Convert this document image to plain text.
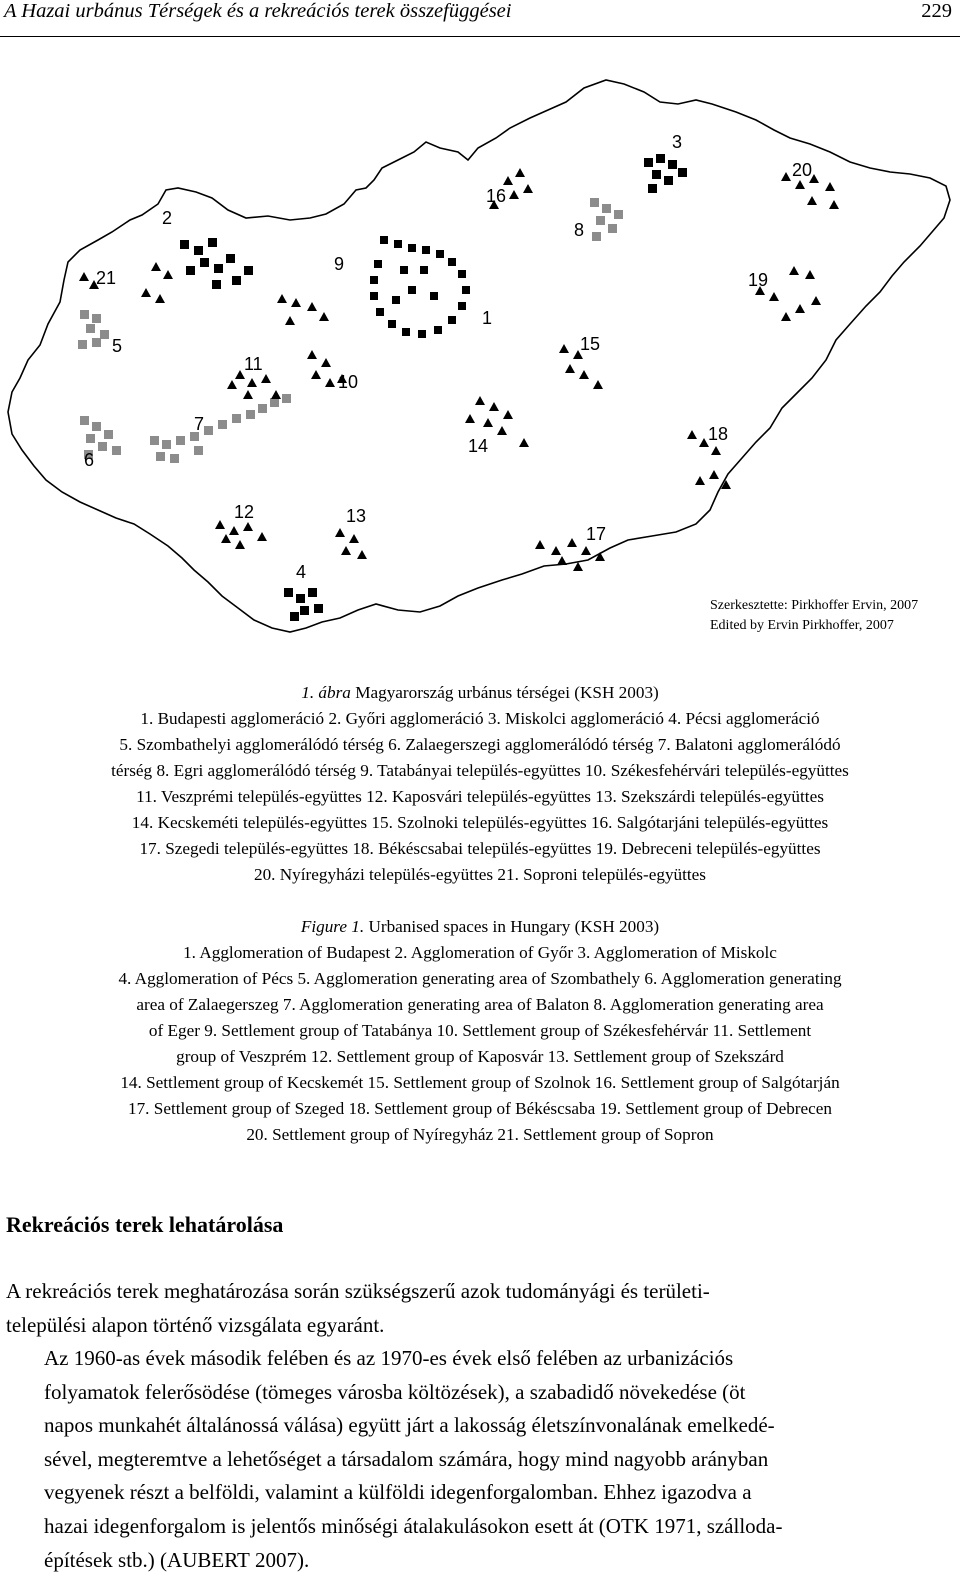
A Hazai urbánus Térségek és a rekreációs terek összefüggései	229
1
2
3
4
5
6
7
8
9
10
11
12	13
14
15
16
17
18
19
20
21
Szerkesztette: Pirkhoffer Ervin, 2007
Edited by Ervin Pirkhoffer, 2007
1. ábra Magyarország urbánus térségei (KSH 2003)
1. Budapesti agglomeráció 2. Győri agglomeráció 3. Miskolci agglomeráció 4. Pécsi agglomeráció
5. Szombathelyi agglomerálódó térség 6. Zalaegerszegi agglomerálódó térség 7. Balatoni agglomerálódó
térség 8. Egri agglomerálódó térség 9. Tatabányai település-együttes 10. Székesfehérvári település-együttes
11. Veszprémi település-együttes 12. Kaposvári település-együttes 13. Szekszárdi település-együttes
14. Kecskeméti település-együttes 15. Szolnoki település-együttes 16. Salgótarjáni település-együttes
17. Szegedi település-együttes 18. Békéscsabai település-együttes 19. Debreceni település-együttes
20. Nyíregyházi település-együttes 21. Soproni település-együttes
Figure 1. Urbanised spaces in Hungary (KSH 2003)
1. Agglomeration of Budapest 2. Agglomeration of Győr 3. Agglomeration of Miskolc
4. Agglomeration of Pécs 5. Agglomeration generating area of Szombathely 6. Agglomeration generating
area of Zalaegerszeg 7. Agglomeration generating area of Balaton 8. Agglomeration generating area
of Eger 9. Settlement group of Tatabánya 10. Settlement group of Székesfehérvár 11. Settlement
group of Veszprém 12. Settlement group of Kaposvár 13. Settlement group of Szekszárd
14. Settlement group of Kecskemét 15. Settlement group of Szolnok 16. Settlement group of Salgótarján
17. Settlement group of Szeged 18. Settlement group of Békéscsaba 19. Settlement group of Debrecen
20. Settlement group of Nyíregyház 21. Settlement group of Sopron
Rekreációs terek lehatárolása
A rekreációs terek meghatározása során szükségszerű azok tudományági és területi-
települési alapon történő vizsgálata egyaránt.
Az 1960-as évek második felében és az 1970-es évek első felében az urbanizációs
folyamatok felerősödése (tömeges városba költözések), a szabadidő növekedése (öt
napos munkahét általánossá válása) együtt járt a lakosság életszínvonalának emelkedé-
sével, megteremtve a lehetőséget a társadalom számára, hogy mind nagyobb arányban
vegyenek részt a belföldi, valamint a külföldi idegenforgalomban. Ehhez igazodva a
hazai idegenforgalom is jelentős minőségi átalakulásokon esett át (OTK 1971, szálloda-
építések stb.) (AUBERT 2007).
